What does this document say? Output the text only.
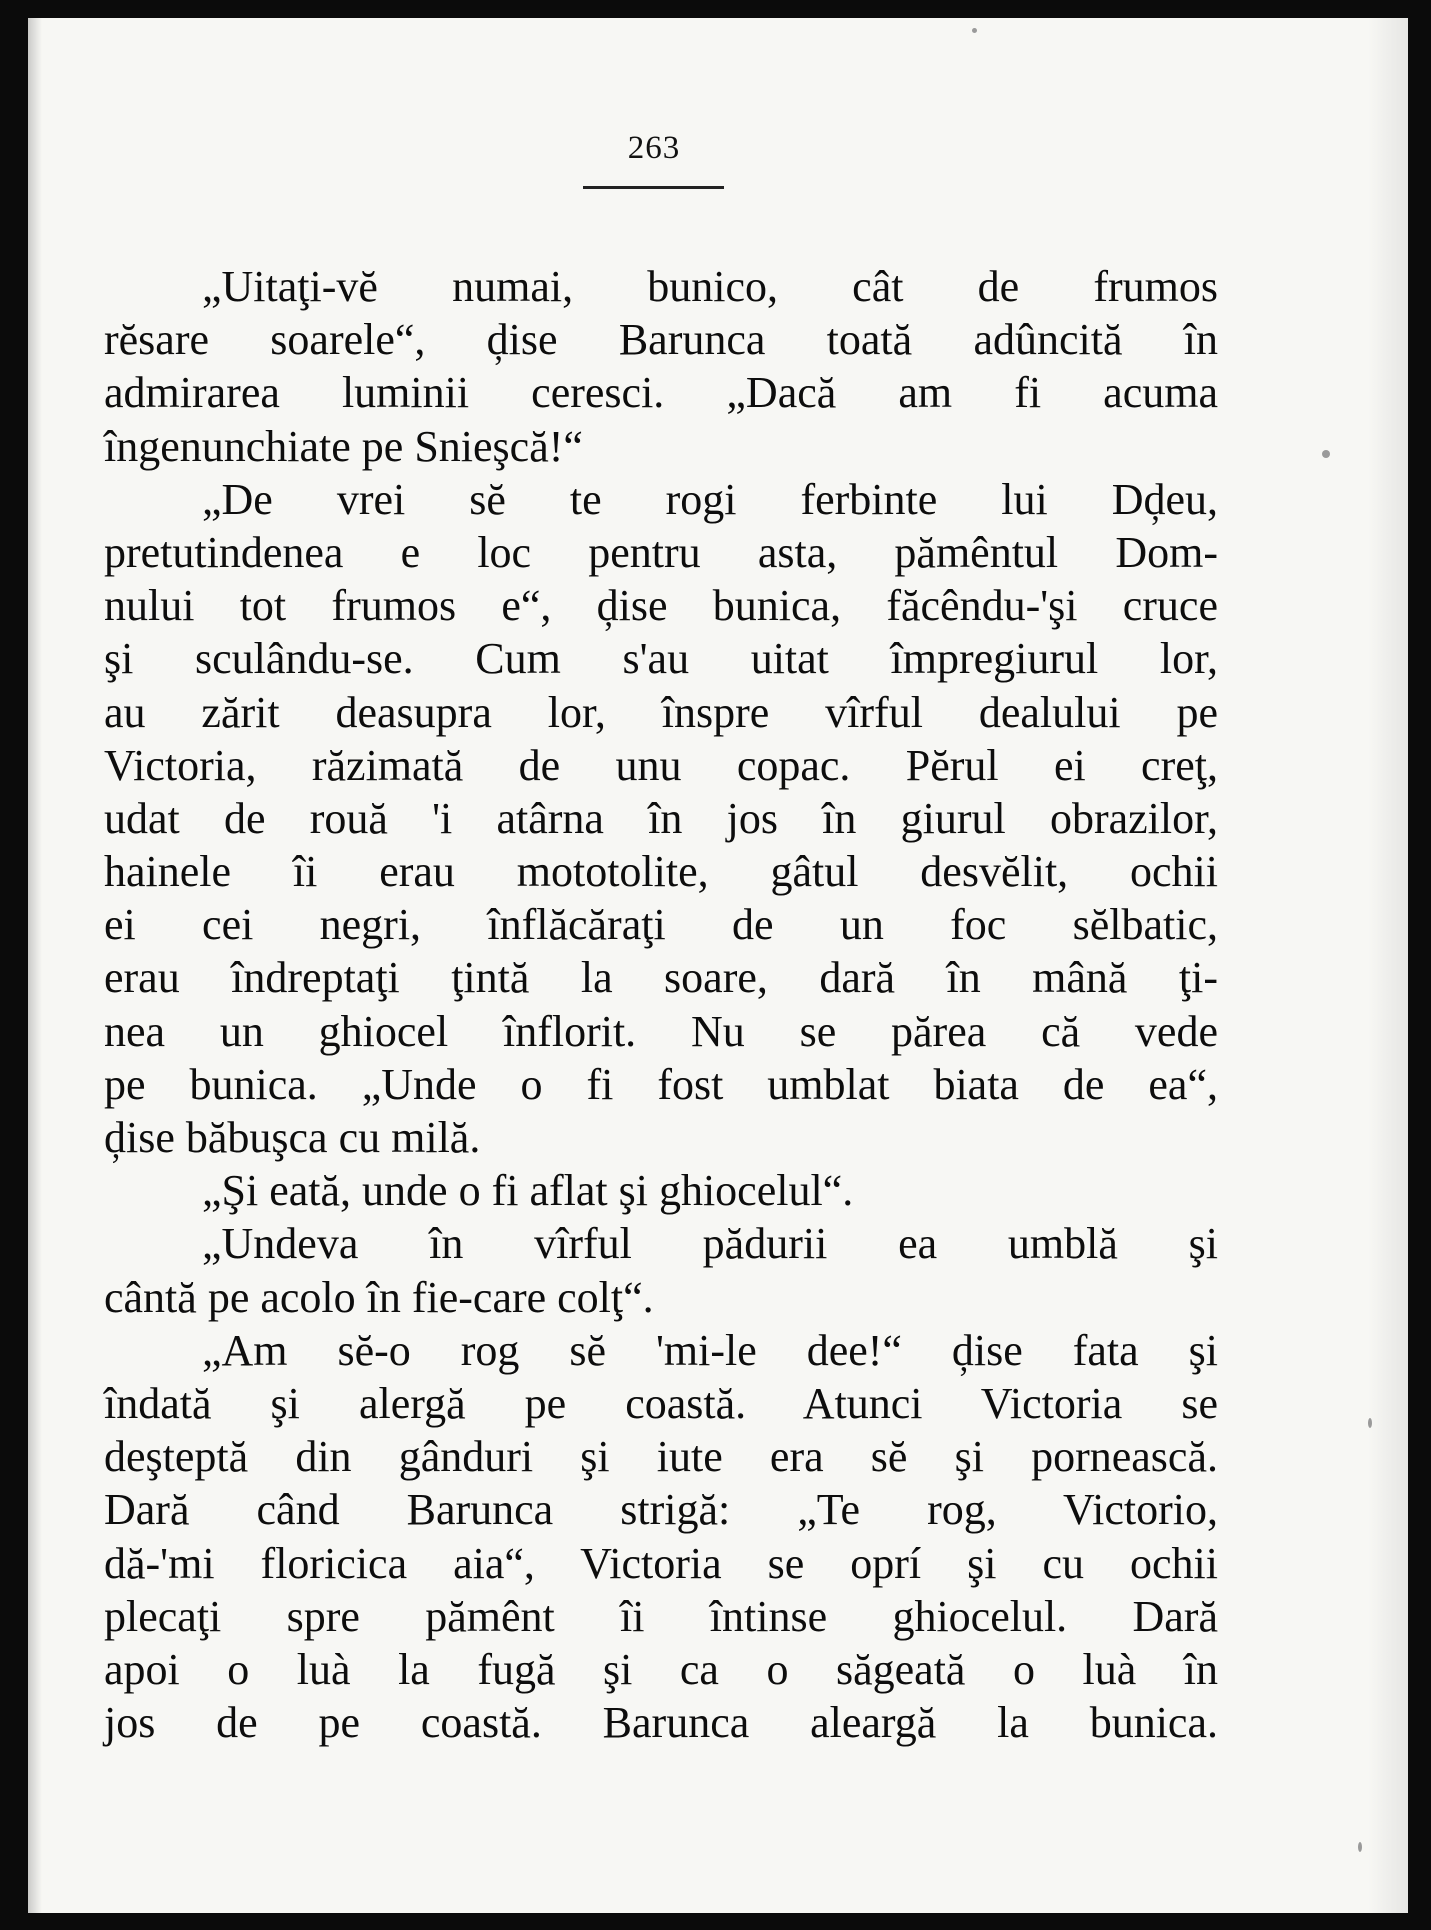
263
„Uitaţi-vĕ numai, bunico, cât de frumos
rĕsare soarele“, ḑise Barunca toată adûncită în
admirarea luminii ceresci. „Dacă am fi acuma
îngenunchiate pe Snieşcă!“
„De vrei sĕ te rogi ferbinte lui Dḑeu,
pretutindenea e loc pentru asta, pămêntul Dom-
nului tot frumos e“, ḑise bunica, făcêndu-'şi cruce
şi sculându-se. Cum s'au uitat împregiurul lor,
au zărit deasupra lor, înspre vîrful dealului pe
Victoria, răzimată de unu copac. Pĕrul ei creţ,
udat de rouă 'i atârna în jos în giurul obrazilor,
hainele îi erau mototolite, gâtul desvĕlit, ochii
ei cei negri, înflăcăraţi de un foc sĕlbatic,
erau îndreptaţi ţintă la soare, dară în mână ţi-
nea un ghiocel înflorit. Nu se părea că vede
pe bunica. „Unde o fi fost umblat biata de ea“,
ḑise băbuşca cu milă.
„Şi eată, unde o fi aflat şi ghiocelul“.
„Undeva în vîrful pădurii ea umblă şi
cântă pe acolo în fie-care colţ“.
„Am sĕ-o rog sĕ 'mi-le dee!“ ḑise fata şi
îndată şi alergă pe coastă. Atunci Victoria se
deşteptă din gânduri şi iute era sĕ şi pornească.
Dară când Barunca strigă: „Te rog, Victorio,
dă-'mi floricica aia“, Victoria se oprí şi cu ochii
plecaţi spre pămênt îi întinse ghiocelul. Dară
apoi o luà la fugă şi ca o săgeată o luà în
jos de pe coastă. Barunca aleargă la bunica.
